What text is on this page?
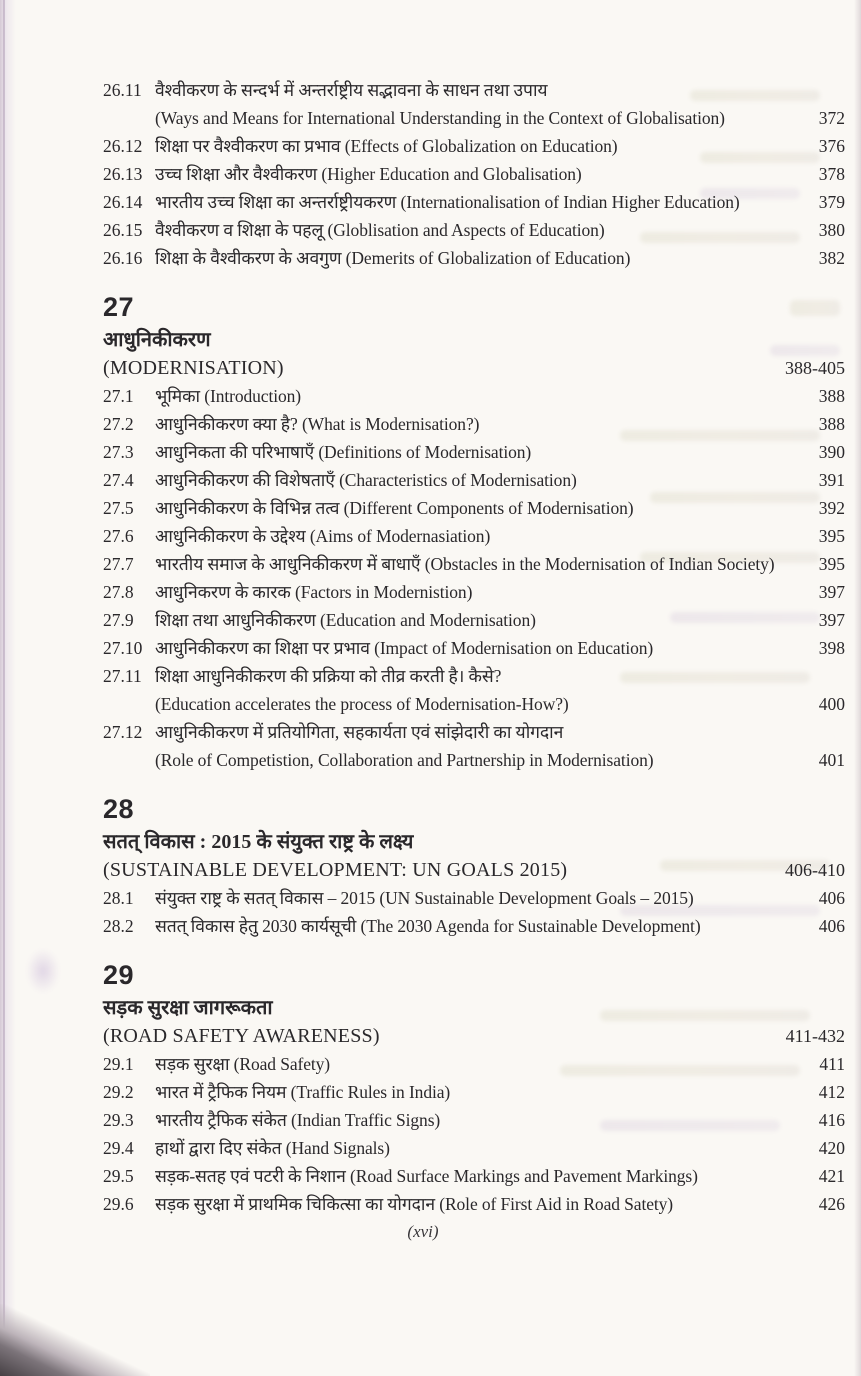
26.11 वैश्वीकरण के सन्दर्भ में अन्तर्राष्ट्रीय सद्भावना के साधन तथा उपाय
(Ways and Means for International Understanding in the Context of Globalisation)	372
26.12 शिक्षा पर वैश्वीकरण का प्रभाव (Effects of Globalization on Education)	376
26.13 उच्च शिक्षा और वैश्वीकरण (Higher Education and Globalisation)	378
26.14 भारतीय उच्च शिक्षा का अन्तर्राष्ट्रीयकरण (Internationalisation of Indian Higher Education)	379
26.15 वैश्वीकरण व शिक्षा के पहलू (Globlisation and Aspects of Education)	380
26.16 शिक्षा के वैश्वीकरण के अवगुण (Demerits of Globalization of Education)	382
27
आधुनिकीकरण
(MODERNISATION)	388-405
27.1	भूमिका (Introduction)	388
27.2	आधुनिकीकरण क्या है? (What is Modernisation?)	388
27.3	आधुनिकता की परिभाषाएँ (Definitions of Modernisation)	390
27.4	आधुनिकीकरण की विशेषताएँ (Characteristics of Modernisation)	391
27.5	आधुनिकीकरण के विभिन्न तत्व (Different Components of Modernisation)	392
27.6	आधुनिकीकरण के उद्देश्य (Aims of Modernasiation)	395
27.7	भारतीय समाज के आधुनिकीकरण में बाधाएँ (Obstacles in the Modernisation of Indian Society)	395
27.8	आधुनिकरण के कारक (Factors in Modernistion)	397
27.9	शिक्षा तथा आधुनिकीकरण (Education and Modernisation)	397
27.10 आधुनिकीकरण का शिक्षा पर प्रभाव (Impact of Modernisation on Education)	398
27.11 शिक्षा आधुनिकीकरण की प्रक्रिया को तीव्र करती है। कैसे?
(Education accelerates the process of Modernisation-How?)	400
27.12 आधुनिकीकरण में प्रतियोगिता, सहकार्यता एवं सांझेदारी का योगदान
(Role of Competistion, Collaboration and Partnership in Modernisation)	401
28
सतत् विकास : 2015 के संयुक्त राष्ट्र के लक्ष्य
(SUSTAINABLE DEVELOPMENT: UN GOALS 2015)	406-410
28.1	संयुक्त राष्ट्र के सतत् विकास – 2015 (UN Sustainable Development Goals – 2015)	406
28.2	सतत् विकास हेतु 2030 कार्यसूची (The 2030 Agenda for Sustainable Development)	406
29
सड़क सुरक्षा जागरूकता
(ROAD SAFETY AWARENESS)	411-432
29.1	सड़क सुरक्षा (Road Safety)	411
29.2	भारत में ट्रैफिक नियम (Traffic Rules in India)	412
29.3	भारतीय ट्रैफिक संकेत (Indian Traffic Signs)	416
29.4	हाथों द्वारा दिए संकेत (Hand Signals)	420
29.5	सड़क-सतह एवं पटरी के निशान (Road Surface Markings and Pavement Markings)	421
29.6	सड़क सुरक्षा में प्राथमिक चिकित्सा का योगदान (Role of First Aid in Road Satety)	426
(xvi)
